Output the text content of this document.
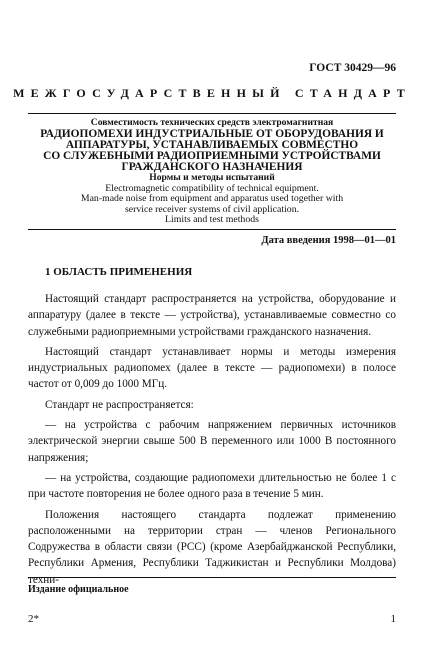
ГОСТ 30429—96
МЕЖГОСУДАРСТВЕННЫЙ СТАНДАРТ
Совместимость технических средств электромагнитная
РАДИОПОМЕХИ ИНДУСТРИАЛЬНЫЕ ОТ ОБОРУДОВАНИЯ И
АППАРАТУРЫ, УСТАНАВЛИВАЕМЫХ СОВМЕСТНО
СО СЛУЖЕБНЫМИ РАДИОПРИЕМНЫМИ УСТРОЙСТВАМИ
ГРАЖДАНСКОГО НАЗНАЧЕНИЯ
Нормы и методы испытаний
Electromagnetic compatibility of technical equipment.
Man-made noise from equipment and apparatus used together with
service receiver systems of civil application.
Limits and test methods
Дата введения 1998—01—01
1 ОБЛАСТЬ ПРИМЕНЕНИЯ

Настоящий стандарт распространяется на устройства, оборудование и аппаратуру (далее в тексте — устройства), устанавливаемые совместно со служебными радиоприемными устройствами гражданского назначения.

Настоящий стандарт устанавливает нормы и методы измерения индустриальных радиопомех (далее в тексте — радиопомехи) в полосе частот от 0,009 до 1000 МГц.

Стандарт не распространяется:

— на устройства с рабочим напряжением первичных источников электрической энергии свыше 500 В переменного или 1000 В постоянного напряжения;

— на устройства, создающие радиопомехи длительностью не более 1 с при частоте повторения не более одного раза в течение 5 мин.

Положения настоящего стандарта подлежат применению расположенными на территории стран — членов Регионального Содружества в области связи (РСС) (кроме Азербайджанской Республики, Республики Армения, Республики Таджикистан и Республики Молдова) техни-

Издание официальное
2*	1
